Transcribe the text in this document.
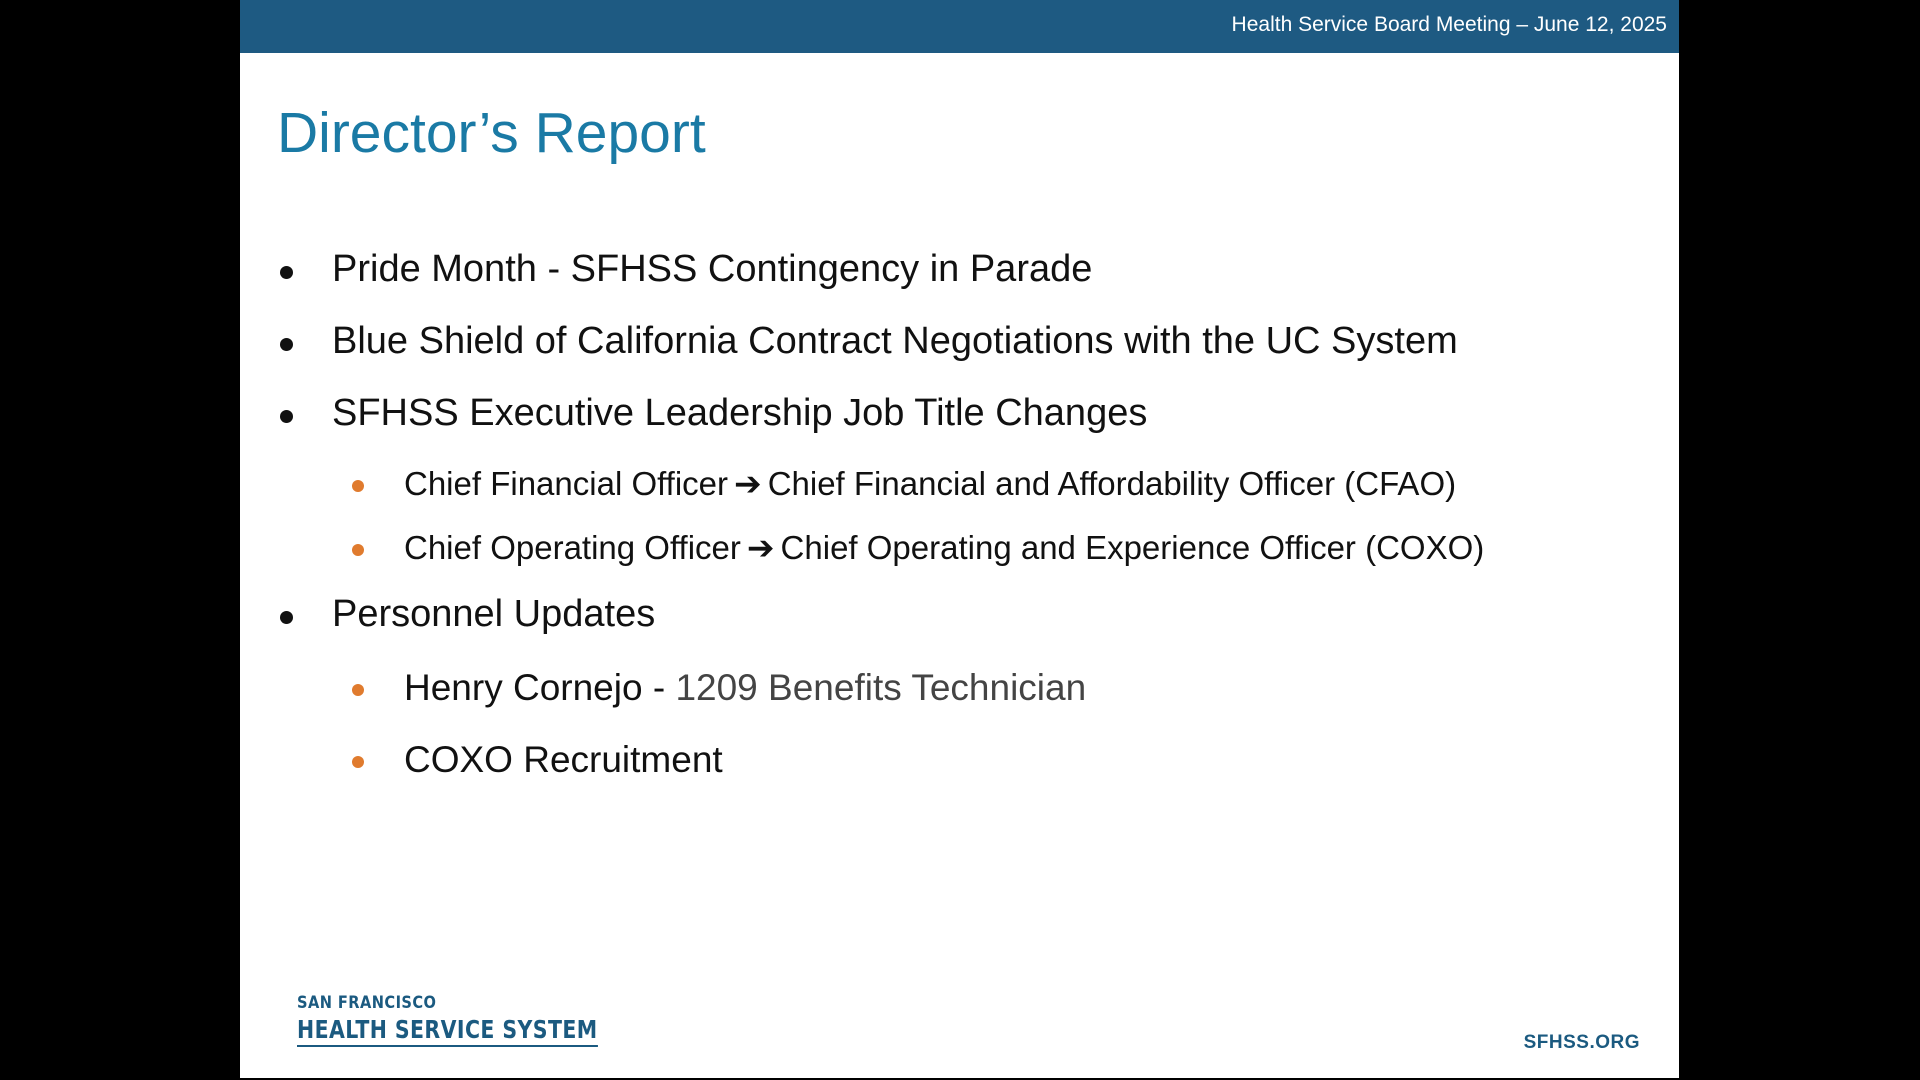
Health Service Board Meeting – June 12, 2025
Director’s Report
Pride Month - SFHSS Contingency in Parade
Blue Shield of California Contract Negotiations with the UC System
SFHSS Executive Leadership Job Title Changes
Chief Financial Officer ➔ Chief Financial and Affordability Officer (CFAO)
Chief Operating Officer ➔ Chief Operating and Experience Officer (COXO)
Personnel Updates
Henry Cornejo - 1209 Benefits Technician
COXO Recruitment
SAN FRANCISCO
HEALTH SERVICE SYSTEM	SFHSS.ORG
